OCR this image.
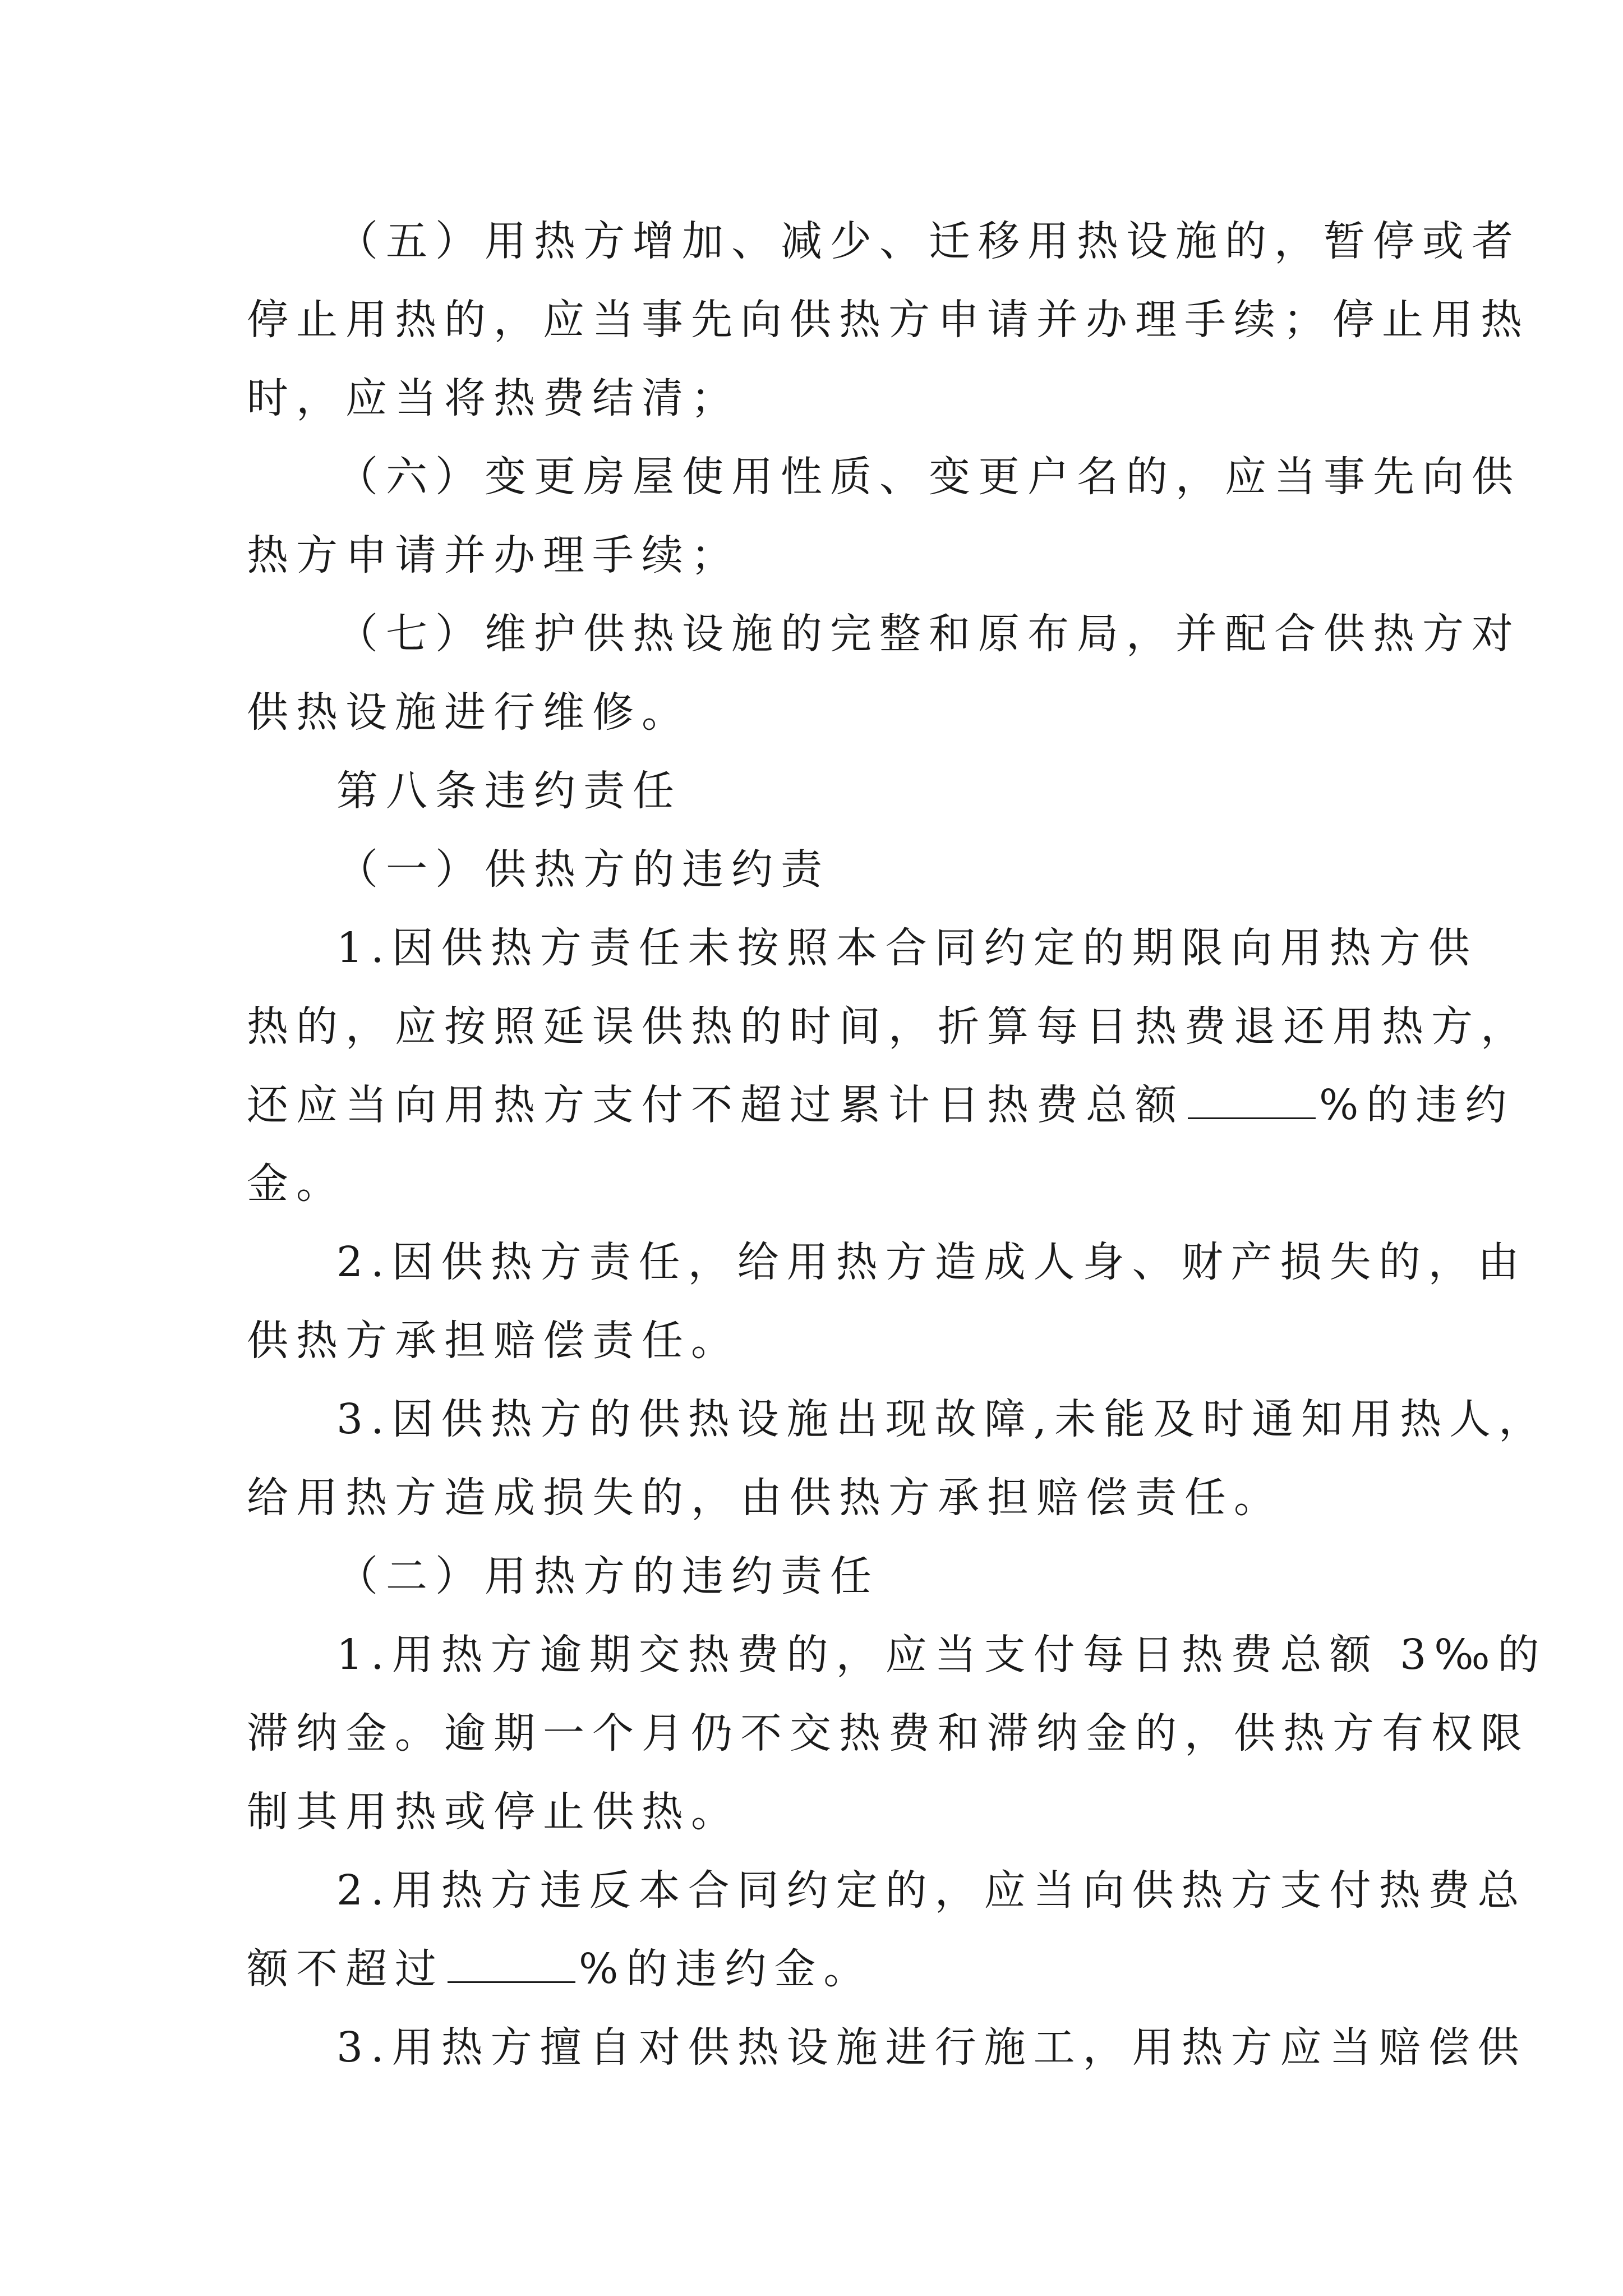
（五）用热方增加、减少、迁移用热设施的，暂停或者
停止用热的，应当事先向供热方申请并办理手续；停止用热
时，应当将热费结清；
（六）变更房屋使用性质、变更户名的，应当事先向供
热方申请并办理手续；
（七）维护供热设施的完整和原布局，并配合供热方对
供热设施进行维修。
第八条违约责任
（一）供热方的违约责
1.因供热方责任未按照本合同约定的期限向用热方供
热的，应按照延误供热的时间，折算每日热费退还用热方，
还应当向用热方支付不超过累计日热费总额	%的违约
金。
2.因供热方责任，给用热方造成人身、财产损失的，由
供热方承担赔偿责任。
3.因供热方的供热设施出现故障,未能及时通知用热人，
给用热方造成损失的，由供热方承担赔偿责任。
（二）用热方的违约责任
1.用热方逾期交热费的，应当支付每日热费总额 3‰的
滞纳金。逾期一个月仍不交热费和滞纳金的，供热方有权限
制其用热或停止供热。
2.用热方违反本合同约定的，应当向供热方支付热费总
额不超过	%的违约金。
3.用热方擅自对供热设施进行施工，用热方应当赔偿供
